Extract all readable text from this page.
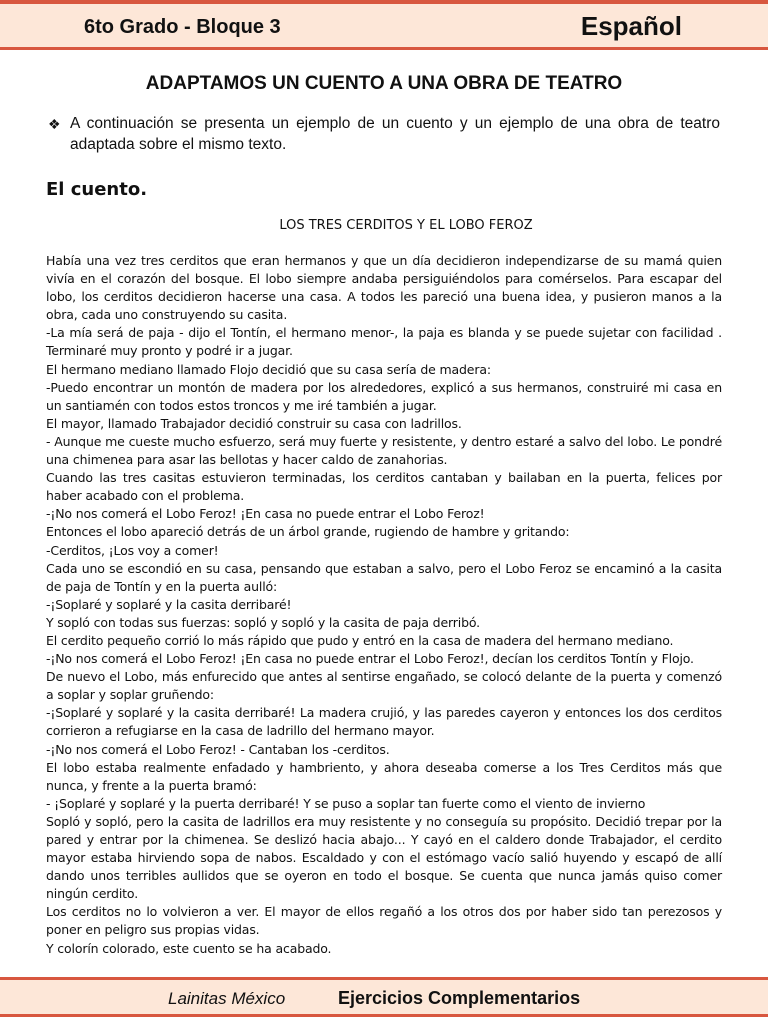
6to Grado - Bloque 3	Español
ADAPTAMOS UN CUENTO A UNA OBRA DE TEATRO
❖ A continuación se presenta un ejemplo de un cuento y un ejemplo de una obra de teatro adaptada sobre el mismo texto.
El cuento.
LOS TRES CERDITOS Y EL LOBO FEROZ

Había una vez tres cerditos que eran hermanos y que un día decidieron independizarse de su mamá quien vivía en el corazón del bosque. El lobo siempre andaba persiguiéndolos para comérselos. Para escapar del lobo, los cerditos decidieron hacerse una casa. A todos les pareció una buena idea, y pusieron manos a la obra, cada uno construyendo su casita.

-La mía será de paja - dijo el Tontín, el hermano menor-, la paja es blanda y se puede sujetar con facilidad . Terminaré muy pronto y podré ir a jugar.

El hermano mediano llamado Flojo decidió que su casa sería de madera:

-Puedo encontrar un montón de madera por los alrededores, explicó a sus hermanos, construiré mi casa en un santiamén con todos estos troncos y me iré también a jugar.

El mayor, llamado Trabajador decidió construir su casa con ladrillos.

- Aunque me cueste mucho esfuerzo, será muy fuerte y resistente, y dentro estaré a salvo del lobo. Le pondré una chimenea para asar las bellotas y hacer caldo de zanahorias.

Cuando las tres casitas estuvieron terminadas, los cerditos cantaban y bailaban en la puerta, felices por haber acabado con el problema.

-¡No nos comerá el Lobo Feroz! ¡En casa no puede entrar el Lobo Feroz!

Entonces el lobo apareció detrás de un árbol grande, rugiendo de hambre y gritando:

-Cerditos, ¡Los voy a comer!

Cada uno se escondió en su casa, pensando que estaban a salvo, pero el Lobo Feroz se encaminó a la casita de paja de Tontín y en la puerta aulló:

-¡Soplaré y soplaré y la casita derribaré!

Y sopló con todas sus fuerzas: sopló y sopló y la casita de paja derribó.

El cerdito pequeño corrió lo más rápido que pudo y entró en la casa de madera del hermano mediano.

-¡No nos comerá el Lobo Feroz! ¡En casa no puede entrar el Lobo Feroz!, decían los cerditos Tontín y Flojo.

De nuevo el Lobo, más enfurecido que antes al sentirse engañado, se colocó delante de la puerta y comenzó a soplar y soplar gruñendo:

-¡Soplaré y soplaré y la casita derribaré! La madera crujió, y las paredes cayeron y entonces los dos cerditos corrieron a refugiarse en la casa de ladrillo del hermano mayor.

-¡No nos comerá el Lobo Feroz! - Cantaban los -cerditos.

El lobo estaba realmente enfadado y hambriento, y ahora deseaba comerse a los Tres Cerditos más que nunca, y frente a la puerta bramó:

- ¡Soplaré y soplaré y la puerta derribaré! Y se puso a soplar tan fuerte como el viento de invierno

Sopló y sopló, pero la casita de ladrillos era muy resistente y no conseguía su propósito. Decidió trepar por la pared y entrar por la chimenea. Se deslizó hacia abajo... Y cayó en el caldero donde Trabajador, el cerdito mayor estaba hirviendo sopa de nabos. Escaldado y con el estómago vacío salió huyendo y escapó de allí dando unos terribles aullidos que se oyeron en todo el bosque. Se cuenta que nunca jamás quiso comer ningún cerdito.

Los cerditos no lo volvieron a ver. El mayor de ellos regañó a los otros dos por haber sido tan perezosos y poner en peligro sus propias vidas.

Y colorín colorado, este cuento se ha acabado.

Lainitas México	Ejercicios Complementarios
